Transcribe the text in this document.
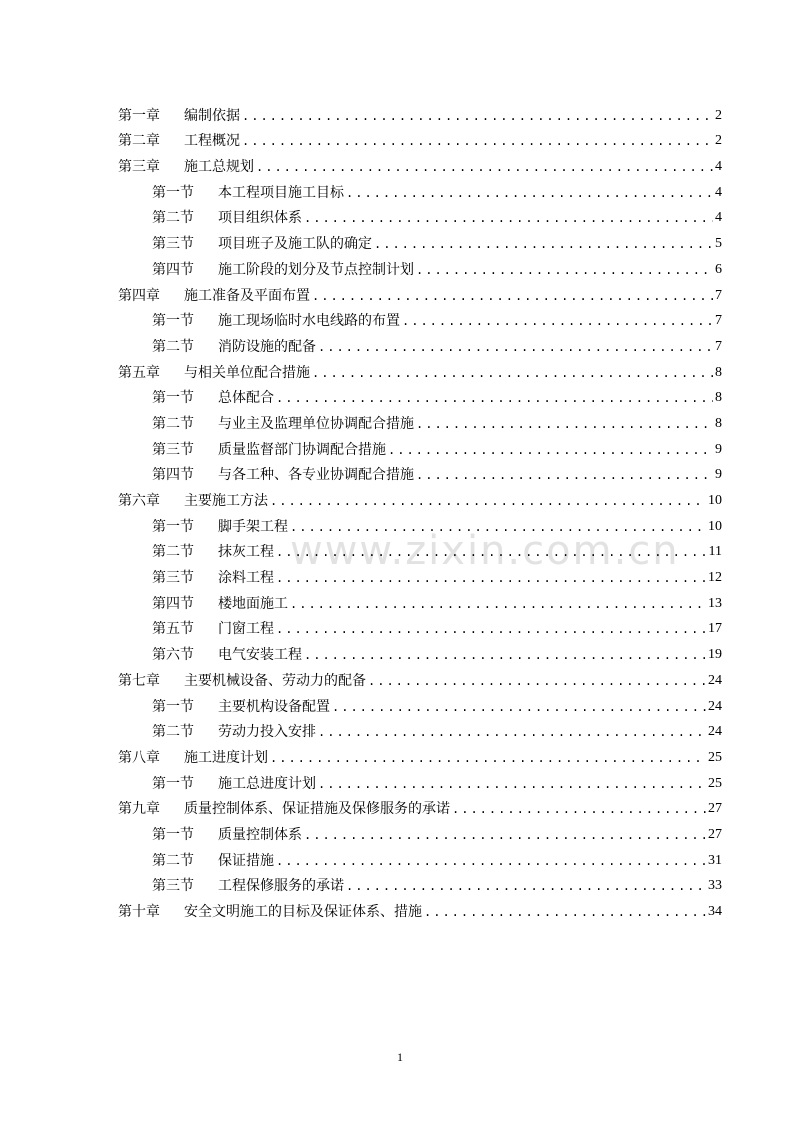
www.zixin.com.cn
第一章	编制依据 .....	2
第二章	工程概况 .....	2
第三章	施工总规划 .....	4
第一节	本工程项目施工目标 .....	4
第二节	项目组织体系 .....	4
第三节	项目班子及施工队的确定 .....	5
第四节	施工阶段的划分及节点控制计划 .....	6
第四章	施工准备及平面布置 .....	7
第一节	施工现场临时水电线路的布置 .....	7
第二节	消防设施的配备 .....	7
第五章	与相关单位配合措施 .....	8
第一节	总体配合 .....	8
第二节	与业主及监理单位协调配合措施 .....	8
第三节	质量监督部门协调配合措施 .....	9
第四节	与各工种、各专业协调配合措施 .....	9
第六章	主要施工方法 .....	10
第一节	脚手架工程 .....	10
第二节	抹灰工程 .....	11
第三节	涂料工程 .....	12
第四节	楼地面施工 .....	13
第五节	门窗工程 .....	17
第六节	电气安装工程 .....	19
第七章	主要机械设备、劳动力的配备 .....	24
第一节	主要机构设备配置 .....	24
第二节	劳动力投入安排 .....	24
第八章	施工进度计划 .....	25
第一节	施工总进度计划 .....	25
第九章	质量控制体系、保证措施及保修服务的承诺 .....	27
第一节	质量控制体系 .....	27
第二节	保证措施 .....	31
第三节	工程保修服务的承诺 .....	33
第十章	安全文明施工的目标及保证体系、措施 .....	34
1
